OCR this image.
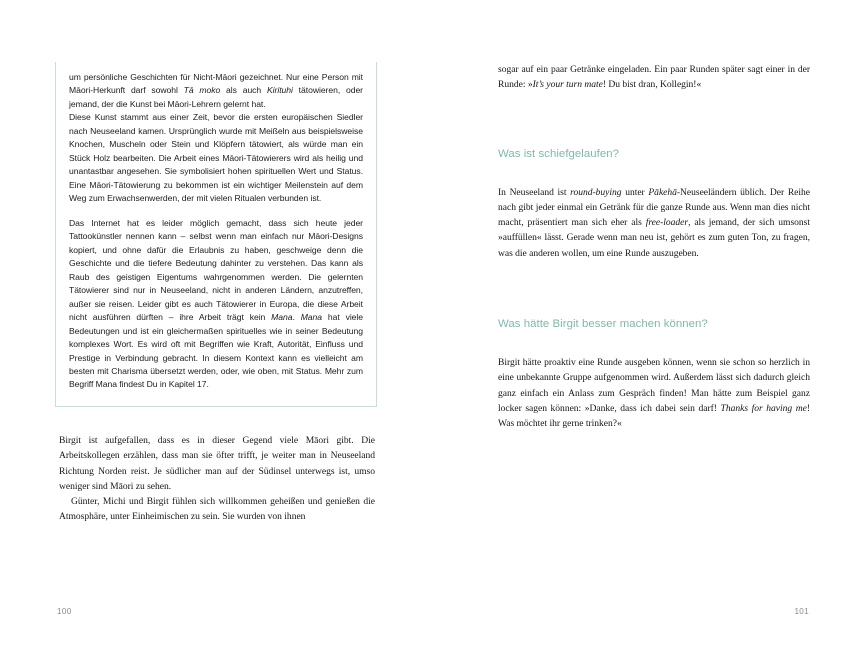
um persönliche Geschichten für Nicht-Māori gezeichnet. Nur eine Person mit Māori-Herkunft darf sowohl Tā moko als auch Kirituhi tätowieren, oder jemand, der die Kunst bei Māori-Lehrern gelernt hat.
Diese Kunst stammt aus einer Zeit, bevor die ersten europäischen Siedler nach Neuseeland kamen. Ursprünglich wurde mit Meißeln aus beispielsweise Knochen, Muscheln oder Stein und Klöpfern tätowiert, als würde man ein Stück Holz bearbeiten. Die Arbeit eines Māori-Tätowierers wird als heilig und unantastbar angesehen. Sie symbolisiert hohen spirituellen Wert und Status. Eine Māori-Tätowierung zu bekommen ist ein wichtiger Meilenstein auf dem Weg zum Erwachsenwerden, der mit vielen Ritualen verbunden ist.

Das Internet hat es leider möglich gemacht, dass sich heute jeder Tattookünstler nennen kann – selbst wenn man einfach nur Māori-Designs kopiert, und ohne dafür die Erlaubnis zu haben, geschweige denn die Geschichte und die tiefere Bedeutung dahinter zu verstehen. Das kann als Raub des geistigen Eigentums wahrgenommen werden. Die gelernten Tätowierer sind nur in Neuseeland, nicht in anderen Ländern, anzutreffen, außer sie reisen. Leider gibt es auch Tätowierer in Europa, die diese Arbeit nicht ausführen dürften – ihre Arbeit trägt kein Mana. Mana hat viele Bedeutungen und ist ein gleichermaßen spirituelles wie in seiner Bedeutung komplexes Wort. Es wird oft mit Begriffen wie Kraft, Autorität, Einfluss und Prestige in Verbindung gebracht. In diesem Kontext kann es vielleicht am besten mit Charisma übersetzt werden, oder, wie oben, mit Status. Mehr zum Begriff Mana findest Du in Kapitel 17.

Birgit ist aufgefallen, dass es in dieser Gegend viele Māori gibt. Die Arbeitskollegen erzählen, dass man sie öfter trifft, je weiter man in Neuseeland Richtung Norden reist. Je südlicher man auf der Südinsel unterwegs ist, umso weniger sind Māori zu sehen.

Günter, Michi und Birgit fühlen sich willkommen geheißen und genießen die Atmosphäre, unter Einheimischen zu sein. Sie wurden von ihnen

100

sogar auf ein paar Getränke eingeladen. Ein paar Runden später sagt einer in der Runde: »It’s your turn mate! Du bist dran, Kollegin!«

Was ist schiefgelaufen?

In Neuseeland ist round-buying unter Pākehā-Neuseeländern üblich. Der Reihe nach gibt jeder einmal ein Getränk für die ganze Runde aus. Wenn man dies nicht macht, präsentiert man sich eher als free-loader, als jemand, der sich umsonst »auffüllen« lässt. Gerade wenn man neu ist, gehört es zum guten Ton, zu fragen, was die anderen wollen, um eine Runde auszugeben.

Was hätte Birgit besser machen können?

Birgit hätte proaktiv eine Runde ausgeben können, wenn sie schon so herzlich in eine unbekannte Gruppe aufgenommen wird. Außerdem lässt sich dadurch gleich ganz einfach ein Anlass zum Gespräch finden! Man hätte zum Beispiel ganz locker sagen können: »Danke, dass ich dabei sein darf! Thanks for having me! Was möchtet ihr gerne trinken?«

101
